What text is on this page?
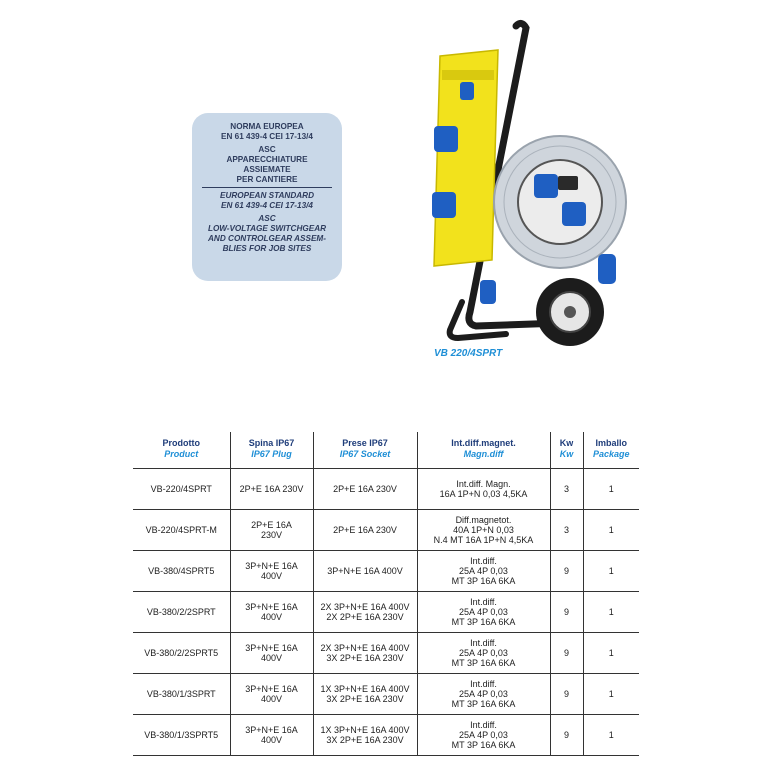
NORMA EUROPEA
EN 61 439-4 CEI 17-13/4
ASC
APPARECCHIATURE
ASSIEMATE
PER CANTIERE
EUROPEAN STANDARD
EN 61 439-4 CEI 17-13/4
ASC
LOW-VOLTAGE SWITCHGEAR
AND CONTROLGEAR ASSEM-
BLIES FOR JOB SITES
VB 220/4SPRT
Prodotto
Product	Spina IP67
IP67 Plug	Prese IP67
IP67 Socket	Int.diff.magnet.
Magn.diff	Kw
Kw	Imballo
Package

VB-220/4SPRT	2P+E 16A 230V	2P+E 16A 230V	Int.diff. Magn.
16A 1P+N 0,03 4,5KA	3	1
VB-220/4SPRT-M	2P+E 16A
230V	2P+E 16A 230V	Diff.magnetot.
40A 1P+N 0,03
N.4 MT 16A 1P+N 4,5KA	3	1
VB-380/4SPRT5	3P+N+E 16A
400V	3P+N+E 16A 400V	Int.diff.
25A 4P 0,03
MT 3P 16A 6KA	9	1
VB-380/2/2SPRT	3P+N+E 16A
400V	2X 3P+N+E 16A 400V
2X 2P+E 16A 230V	Int.diff.
25A 4P 0,03
MT 3P 16A 6KA	9	1
VB-380/2/2SPRT5	3P+N+E 16A
400V	2X 3P+N+E 16A 400V
3X 2P+E 16A 230V	Int.diff.
25A 4P 0,03
MT 3P 16A 6KA	9	1
VB-380/1/3SPRT	3P+N+E 16A
400V	1X 3P+N+E 16A 400V
3X 2P+E 16A 230V	Int.diff.
25A 4P 0,03
MT 3P 16A 6KA	9	1
VB-380/1/3SPRT5	3P+N+E 16A
400V	1X 3P+N+E 16A 400V
3X 2P+E 16A 230V	Int.diff.
25A 4P 0,03
MT 3P 16A 6KA	9	1
